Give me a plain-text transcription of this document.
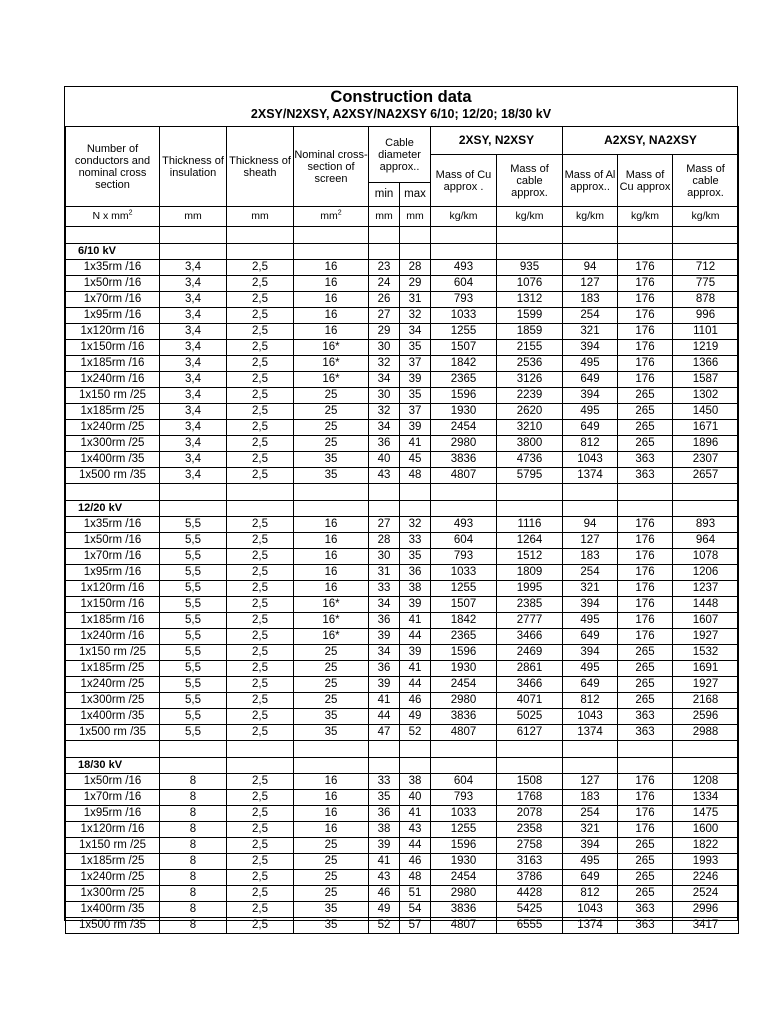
Construction data
2XSY/N2XSY, A2XSY/NA2XSY 6/10; 12/20; 18/30 kV
Number of conductors and nominal cross section	Thickness of insulation	Thickness of sheath	Nominal cross-section of screen	Cable diameter approx..		2XSY, N2XSY		A2XSY, NA2XSY		
						Mass of Cu approx .	Mass of cable approx.	Mass of Al approx..	Mass of Cu approx	Mass of cable approx.
				min	max					
N x $mm^2$	mm	mm	$mm^2$	mm	mm	kg/km	kg/km	kg/km	kg/km	kg/km

6/10 kV										
1x35rm /16	3,4	2,5	16	23	28	493	935	94	176	712
1x50rm /16	3,4	2,5	16	24	29	604	1076	127	176	775
1x70rm /16	3,4	2,5	16	26	31	793	1312	183	176	878
1x95rm /16	3,4	2,5	16	27	32	1033	1599	254	176	996
1x120rm /16	3,4	2,5	16	29	34	1255	1859	321	176	1101
1x150rm /16	3,4	2,5	16*	30	35	1507	2155	394	176	1219
1x185rm /16	3,4	2,5	16*	32	37	1842	2536	495	176	1366
1x240rm /16	3,4	2,5	16*	34	39	2365	3126	649	176	1587
1x150 rm /25	3,4	2,5	25	30	35	1596	2239	394	265	1302
1x185rm /25	3,4	2,5	25	32	37	1930	2620	495	265	1450
1x240rm /25	3,4	2,5	25	34	39	2454	3210	649	265	1671
1x300rm /25	3,4	2,5	25	36	41	2980	3800	812	265	1896
1x400rm /35	3,4	2,5	35	40	45	3836	4736	1043	363	2307
1x500 rm /35	3,4	2,5	35	43	48	4807	5795	1374	363	2657

12/20 kV										
1x35rm /16	5,5	2,5	16	27	32	493	1116	94	176	893
1x50rm /16	5,5	2,5	16	28	33	604	1264	127	176	964
1x70rm /16	5,5	2,5	16	30	35	793	1512	183	176	1078
1x95rm /16	5,5	2,5	16	31	36	1033	1809	254	176	1206
1x120rm /16	5,5	2,5	16	33	38	1255	1995	321	176	1237
1x150rm /16	5,5	2,5	16*	34	39	1507	2385	394	176	1448
1x185rm /16	5,5	2,5	16*	36	41	1842	2777	495	176	1607
1x240rm /16	5,5	2,5	16*	39	44	2365	3466	649	176	1927
1x150 rm /25	5,5	2,5	25	34	39	1596	2469	394	265	1532
1x185rm /25	5,5	2,5	25	36	41	1930	2861	495	265	1691
1x240rm /25	5,5	2,5	25	39	44	2454	3466	649	265	1927
1x300rm /25	5,5	2,5	25	41	46	2980	4071	812	265	2168
1x400rm /35	5,5	2,5	35	44	49	3836	5025	1043	363	2596
1x500 rm /35	5,5	2,5	35	47	52	4807	6127	1374	363	2988

18/30 kV										
1x50rm /16	8	2,5	16	33	38	604	1508	127	176	1208
1x70rm /16	8	2,5	16	35	40	793	1768	183	176	1334
1x95rm /16	8	2,5	16	36	41	1033	2078	254	176	1475
1x120rm /16	8	2,5	16	38	43	1255	2358	321	176	1600
1x150 rm /25	8	2,5	25	39	44	1596	2758	394	265	1822
1x185rm /25	8	2,5	25	41	46	1930	3163	495	265	1993
1x240rm /25	8	2,5	25	43	48	2454	3786	649	265	2246
1x300rm /25	8	2,5	25	46	51	2980	4428	812	265	2524
1x400rm /35	8	2,5	35	49	54	3836	5425	1043	363	2996
1x500 rm /35	8	2,5	35	52	57	4807	6555	1374	363	3417
